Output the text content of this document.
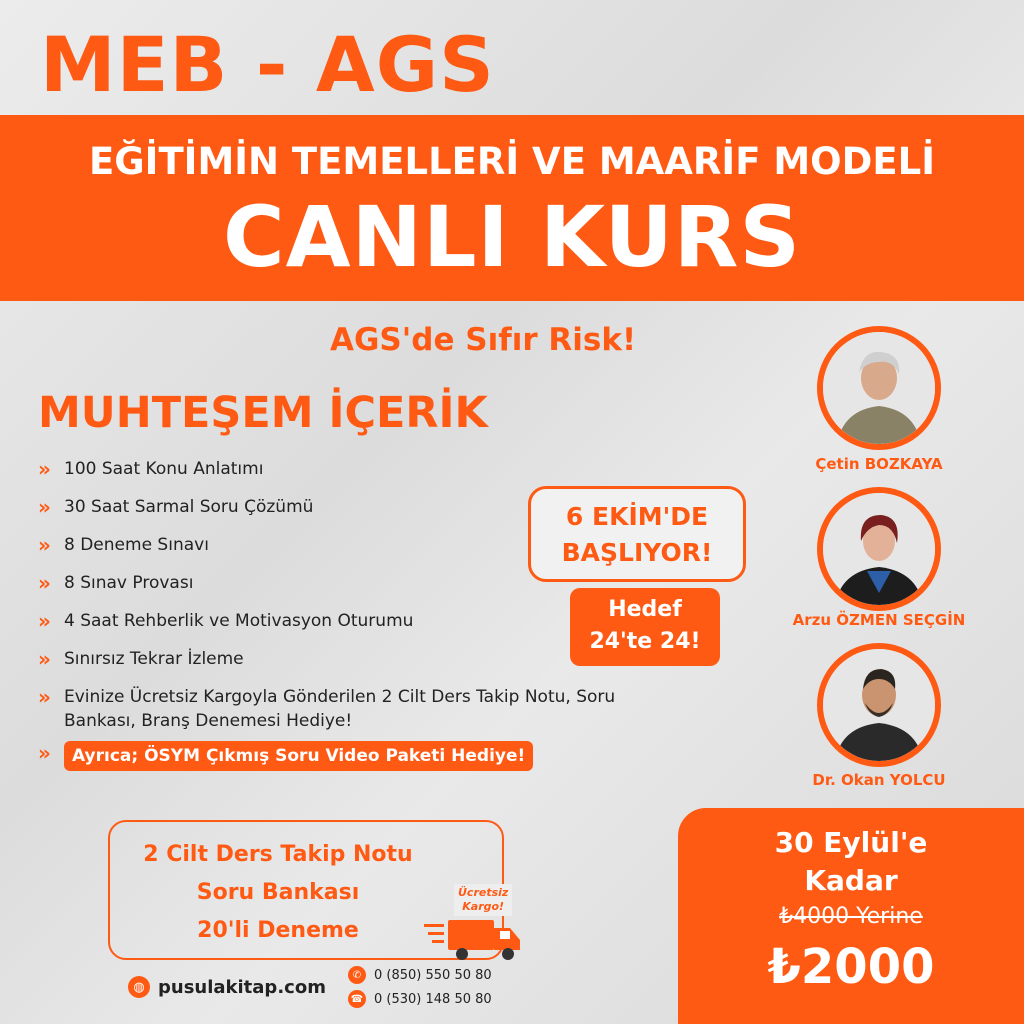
MEB - AGS
EĞİTİMİN TEMELLERİ VE MAARİF MODELİ
CANLI KURS
AGS'de Sıfır Risk!
MUHTEŞEM İÇERİK
» 100 Saat Konu Anlatımı
» 30 Saat Sarmal Soru Çözümü
» 8 Deneme Sınavı
» 8 Sınav Provası
» 4 Saat Rehberlik ve Motivasyon Oturumu
» Sınırsız Tekrar İzleme
» Evinize Ücretsiz Kargoyla Gönderilen 2 Cilt Ders Takip Notu, Soru Bankası, Branş Denemesi Hediye!
»	Ayrıca; ÖSYM Çıkmış Soru Video Paketi Hediye!
6 EKİM'DE
BAŞLIYOR!
Hedef
24'te 24!
Çetin BOZKAYA
Arzu ÖZMEN SEÇGİN
Dr. Okan YOLCU
2 Cilt Ders Takip Notu
Soru Bankası
20'li Deneme
Ücretsiz
Kargo!
30 Eylül'e
Kadar
₺4000 Yerine
₺2000
◍ pusulakitap.com
✆ 0 (850) 550 50 80
☎ 0 (530) 148 50 80
